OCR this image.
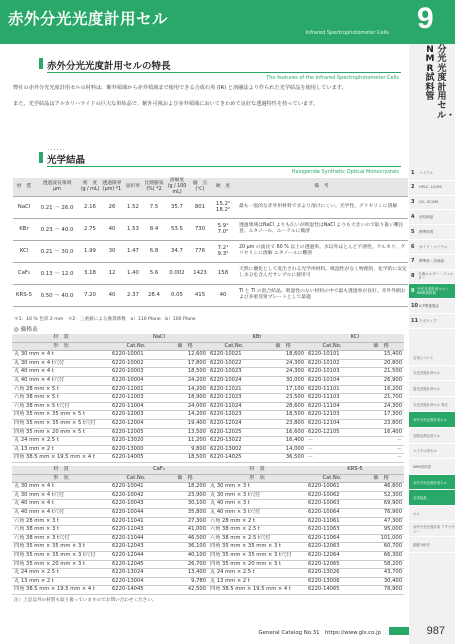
赤外分光光度計用セル
Infrared Spectrophotometer Cells 9
分光光度計用セル・
NMR試料管
1	バイアル
2	HPLC, LC/MS
3	GC, GC/MS
4	前処理品
5	標準物質
6	ガイド・マイクロ
7	標準液・試薬液
8 ろ過ホルダー・フィルター
9 分光光度計用セル・NMR試料管
10 ICP関連製品
11 ラボウェア
石英について
分光光度計用セル
蛍光光度計用セル
分光光度計用セル 特注
赤外分光光度計用セル
光路長測定用セル
マイクロ用セル
NMR試料管
赤外分光光度計用セル
光学結晶
セル
赤外分光光度計用 アクセサリー
振動分析法
赤外分光光度計用セルの特長
The features of the Infrared Spectrophotometer Cells
弊社の赤外分光光度計用セルの材料は、紫外領域から赤外領域まで使用できる合成石英 (IR) と溶融法より作られた光学結晶を使用しています。
また、光学結晶はアルカリハライドの巨大な単結晶で、紫外可視および赤外領域においてきわめて良好な透過特性を持っています。
光学結晶
Halogenide Synthetic Optical Monocrystals
材　質	透過波長領域
μm	密　度
(g / mL)	透過限界
(μm) *1	屈折率	比熱膨張
(%) *2	溶解度
(g / 100 mL)	融　点
(℃)	硬　度	備　考
NaCl	0.21 〜 26.0	2.16	26	1.52	7.5	35.7	801	15.2¹ 18.2²	最も一般的な赤外用材料で水より溶けにくい。光学性、グリセリンに溶解
KBr	0.23 〜 40.0	2.75	40	1.53	8.4	53.5	730	5.9¹ 7.0²	透過領域はNaCl よりも広いが吸湿性はNaCl よりも大きいので取り扱い難注意。エタノール、エーテルに微溶
KCl	0.21 〜 30.0	1.99	30	1.47	6.8	34.7	776	7.2¹ 9.3²	20 μm の波長で 60 % 以上の透過率。水以外ほとんど不溶性。アルカリ、グリセリンに溶解 エタノールに難溶
CaF₂	0.13 〜 12.0	3.18	12	1.40	5.6	0.002	1423	158	天然に優化として産出される光学用材料。吸湿性がなく物理的、化学的に安定し水分を含んだサンプルに使用可
KRS-5	0.50 〜 40.0	7.20	40	2.37	28.4	0.05	415	40	Tl と Tl の混合結晶。吸湿性のない材料の中で最も透過率が良好。赤外外側および多重反射プレートとして最適
＊1：10 % 色厚 2 mm　＊2：三重値による換算係数　a）110 Plane　b）100 Plane
◎ 価格表
材　質	NaCl		KBr		KCl	
形　状	Cat.No.	価　格	Cat.No.	価　格	Cat.No.	価　格
丸 30 mm × 4 t	6220-10001	12,600	6220-10021	18,600	6220-10101	15,400
丸 30 mm × 4 t穴付	6220-10002	17,800	6220-10022	24,300	6220-10102	20,800
丸 40 mm × 4 t	6220-10003	18,500	6220-10023	24,300	6220-10103	21,500
丸 40 mm × 4 t穴付	6220-10004	24,200	6220-10024	30,000	6220-10104	26,900
六角 28 mm × 5 t	6220-11001	14,200	6220-11021	17,100	6220-11101	16,200
六角 38 mm × 5 t	6220-11003	18,900	6220-11023	23,500	6220-11103	21,700
六角 38 mm × 5 t穴付	6220-11004	24,000	6220-11024	28,600	6220-11104	24,300
四角 35 mm × 35 mm × 5 t	6220-12003	14,200	6220-12023	18,500	6220-12103	17,300
四角 35 mm × 35 mm × 5 t穴付	6220-12004	19,400	6220-12024	23,800	6220-12104	23,800
四角 35 mm × 20 mm × 5 t	6220-12005	13,500	6220-12025	16,600	6220-12105	16,400
丸 24 mm × 2.5 t	6220-13020	11,200	6220-13022	16,400	－	－
丸 13 mm × 2 t	6220-13000	9,800	6220-13002	14,000	－	－
四角 38.5 mm × 19.5 mm × 4 t	6220-14005	18,500	6220-14025	36,500	－	－
材　質	CaF₂		材　質	KRS-5	
形　状	Cat.No.	価　格	形　状	Cat.No.	価　格
丸 30 mm × 4 t	6220-10041	18,200	丸 30 mm × 3 t	6220-10061	46,800
丸 30 mm × 4 t穴付	6220-10042	23,900	丸 30 mm × 3 t穴付	6220-10062	52,300
丸 40 mm × 4 t	6220-10043	30,100	丸 40 mm × 3 t	6220-10063	69,900
丸 40 mm × 4 t穴付	6220-10044	35,800	丸 40 mm × 3 t穴付	6220-10064	76,900
六角 28 mm × 3 t	6220-11041	27,300	六角 28 mm × 2 t	6220-11061	47,300
六角 38 mm × 3 t	6220-11043	41,000	六角 38 mm × 2.5 t	6220-11063	95,000
六角 38 mm × 3 t穴付	6220-11044	46,500	六角 38 mm × 2.5 t穴付	6220-11064	101,000
四角 35 mm × 35 mm × 3 t	6220-12043	36,100	四角 35 mm × 35 mm × 3 t	6220-12063	60,700
四角 35 mm × 35 mm × 3 t穴付	6220-12044	40,100	四角 35 mm × 35 mm × 3 t穴付	6220-12064	66,300
四角 35 mm × 20 mm × 3 t	6220-12045	26,700	四角 35 mm × 20 mm × 3 t	6220-12065	58,200
丸 24 mm × 2.5 t	6220-13024	13,400	丸 24 mm × 2.5 t	6220-13026	43,700
丸 13 mm × 2 t	6220-13004	9,780	丸 13 mm × 2 t	6220-13006	30,400
四角 38.5 mm × 19.5 mm × 4 t	6220-14045	42,500	四角 38.5 mm × 19.5 mm × 4 t	6220-14065	78,900
注）上記以外の材質も取り扱っていますのでお問い合わせください。
General Catalog No.31　https://www.gls.co.jp	987
